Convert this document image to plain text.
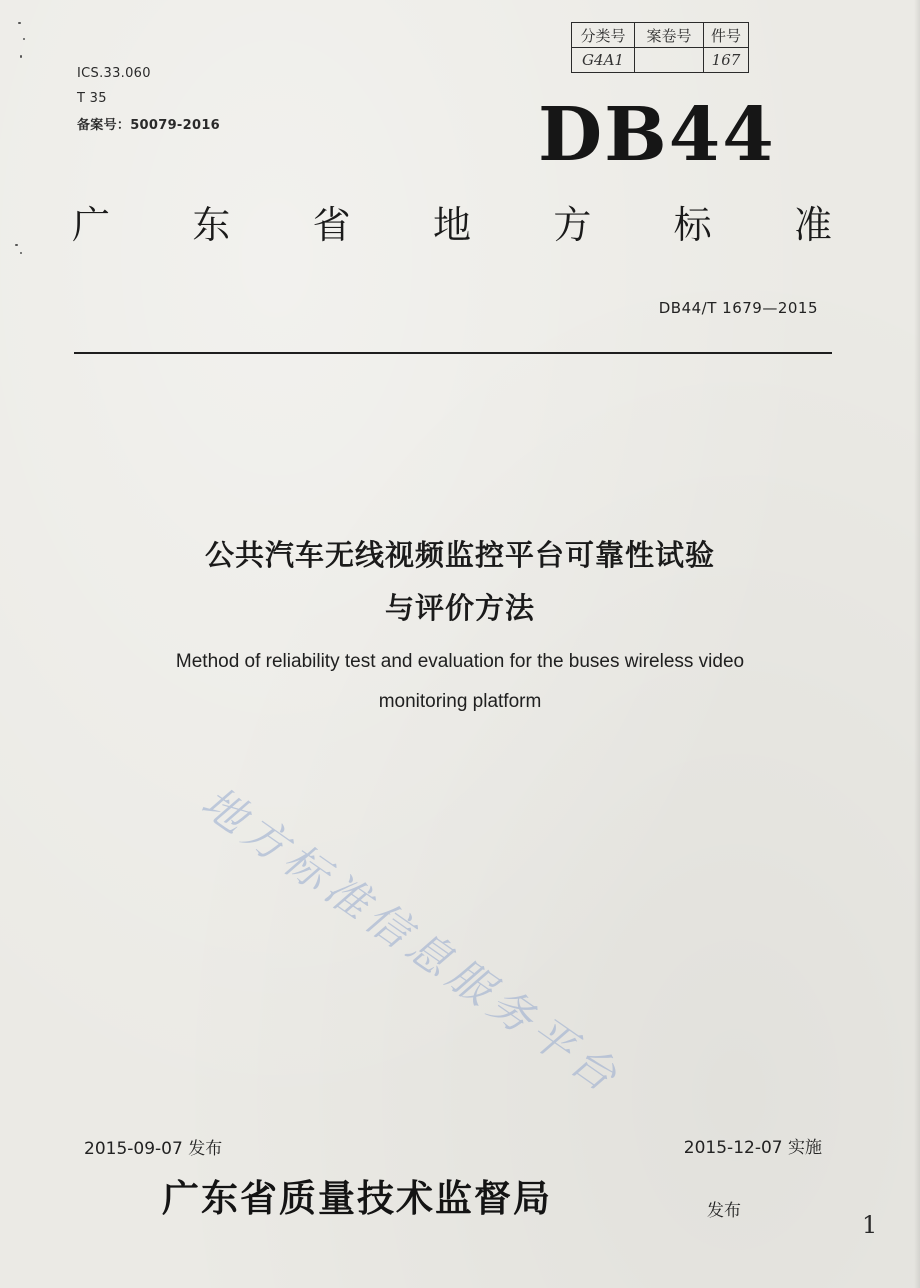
分类号	案卷号	件号
G4A1		167
ICS.33.060
T 35
备案号：50079-2016	DB44
广 东 省 地 方 标 准
DB44/T 1679—2015
公共汽车无线视频监控平台可靠性试验
与评价方法
Method of reliability test and evaluation for the buses wireless video
monitoring platform
地方标准信息服务平台
2015-09-07 发布	2015-12-07 实施
广东省质量技术监督局	发布	1
